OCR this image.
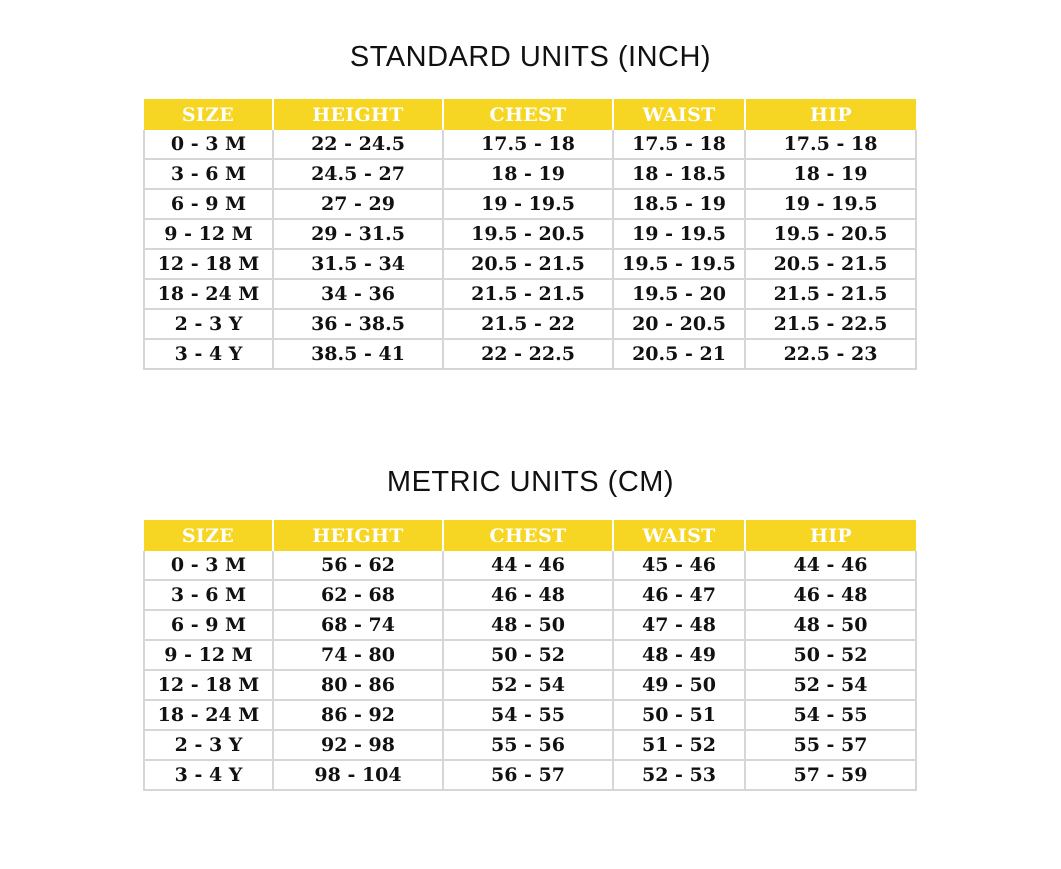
STANDARD UNITS (INCH)
SIZE	HEIGHT	CHEST	WAIST	HIP
0 - 3 M	22 - 24.5	17.5 - 18	17.5 - 18	17.5 - 18
3 - 6 M	24.5 - 27	18 - 19	18 - 18.5	18 - 19
6 - 9 M	27 - 29	19 - 19.5	18.5 - 19	19 - 19.5
9 - 12 M	29 - 31.5	19.5 - 20.5	19 - 19.5	19.5 - 20.5
12 - 18 M	31.5 - 34	20.5 - 21.5	19.5 - 19.5	20.5 - 21.5
18 - 24 M	34 - 36	21.5 - 21.5	19.5 - 20	21.5 - 21.5
2 - 3 Y	36 - 38.5	21.5 - 22	20 - 20.5	21.5 - 22.5
3 - 4 Y	38.5 - 41	22 - 22.5	20.5 - 21	22.5 - 23
METRIC UNITS (CM)
SIZE	HEIGHT	CHEST	WAIST	HIP
0 - 3 M	56 - 62	44 - 46	45 - 46	44 - 46
3 - 6 M	62 - 68	46 - 48	46 - 47	46 - 48
6 - 9 M	68 - 74	48 - 50	47 - 48	48 - 50
9 - 12 M	74 - 80	50 - 52	48 - 49	50 - 52
12 - 18 M	80 - 86	52 - 54	49 - 50	52 - 54
18 - 24 M	86 - 92	54 - 55	50 - 51	54 - 55
2 - 3 Y	92 - 98	55 - 56	51 - 52	55 - 57
3 - 4 Y	98 - 104	56 - 57	52 - 53	57 - 59
